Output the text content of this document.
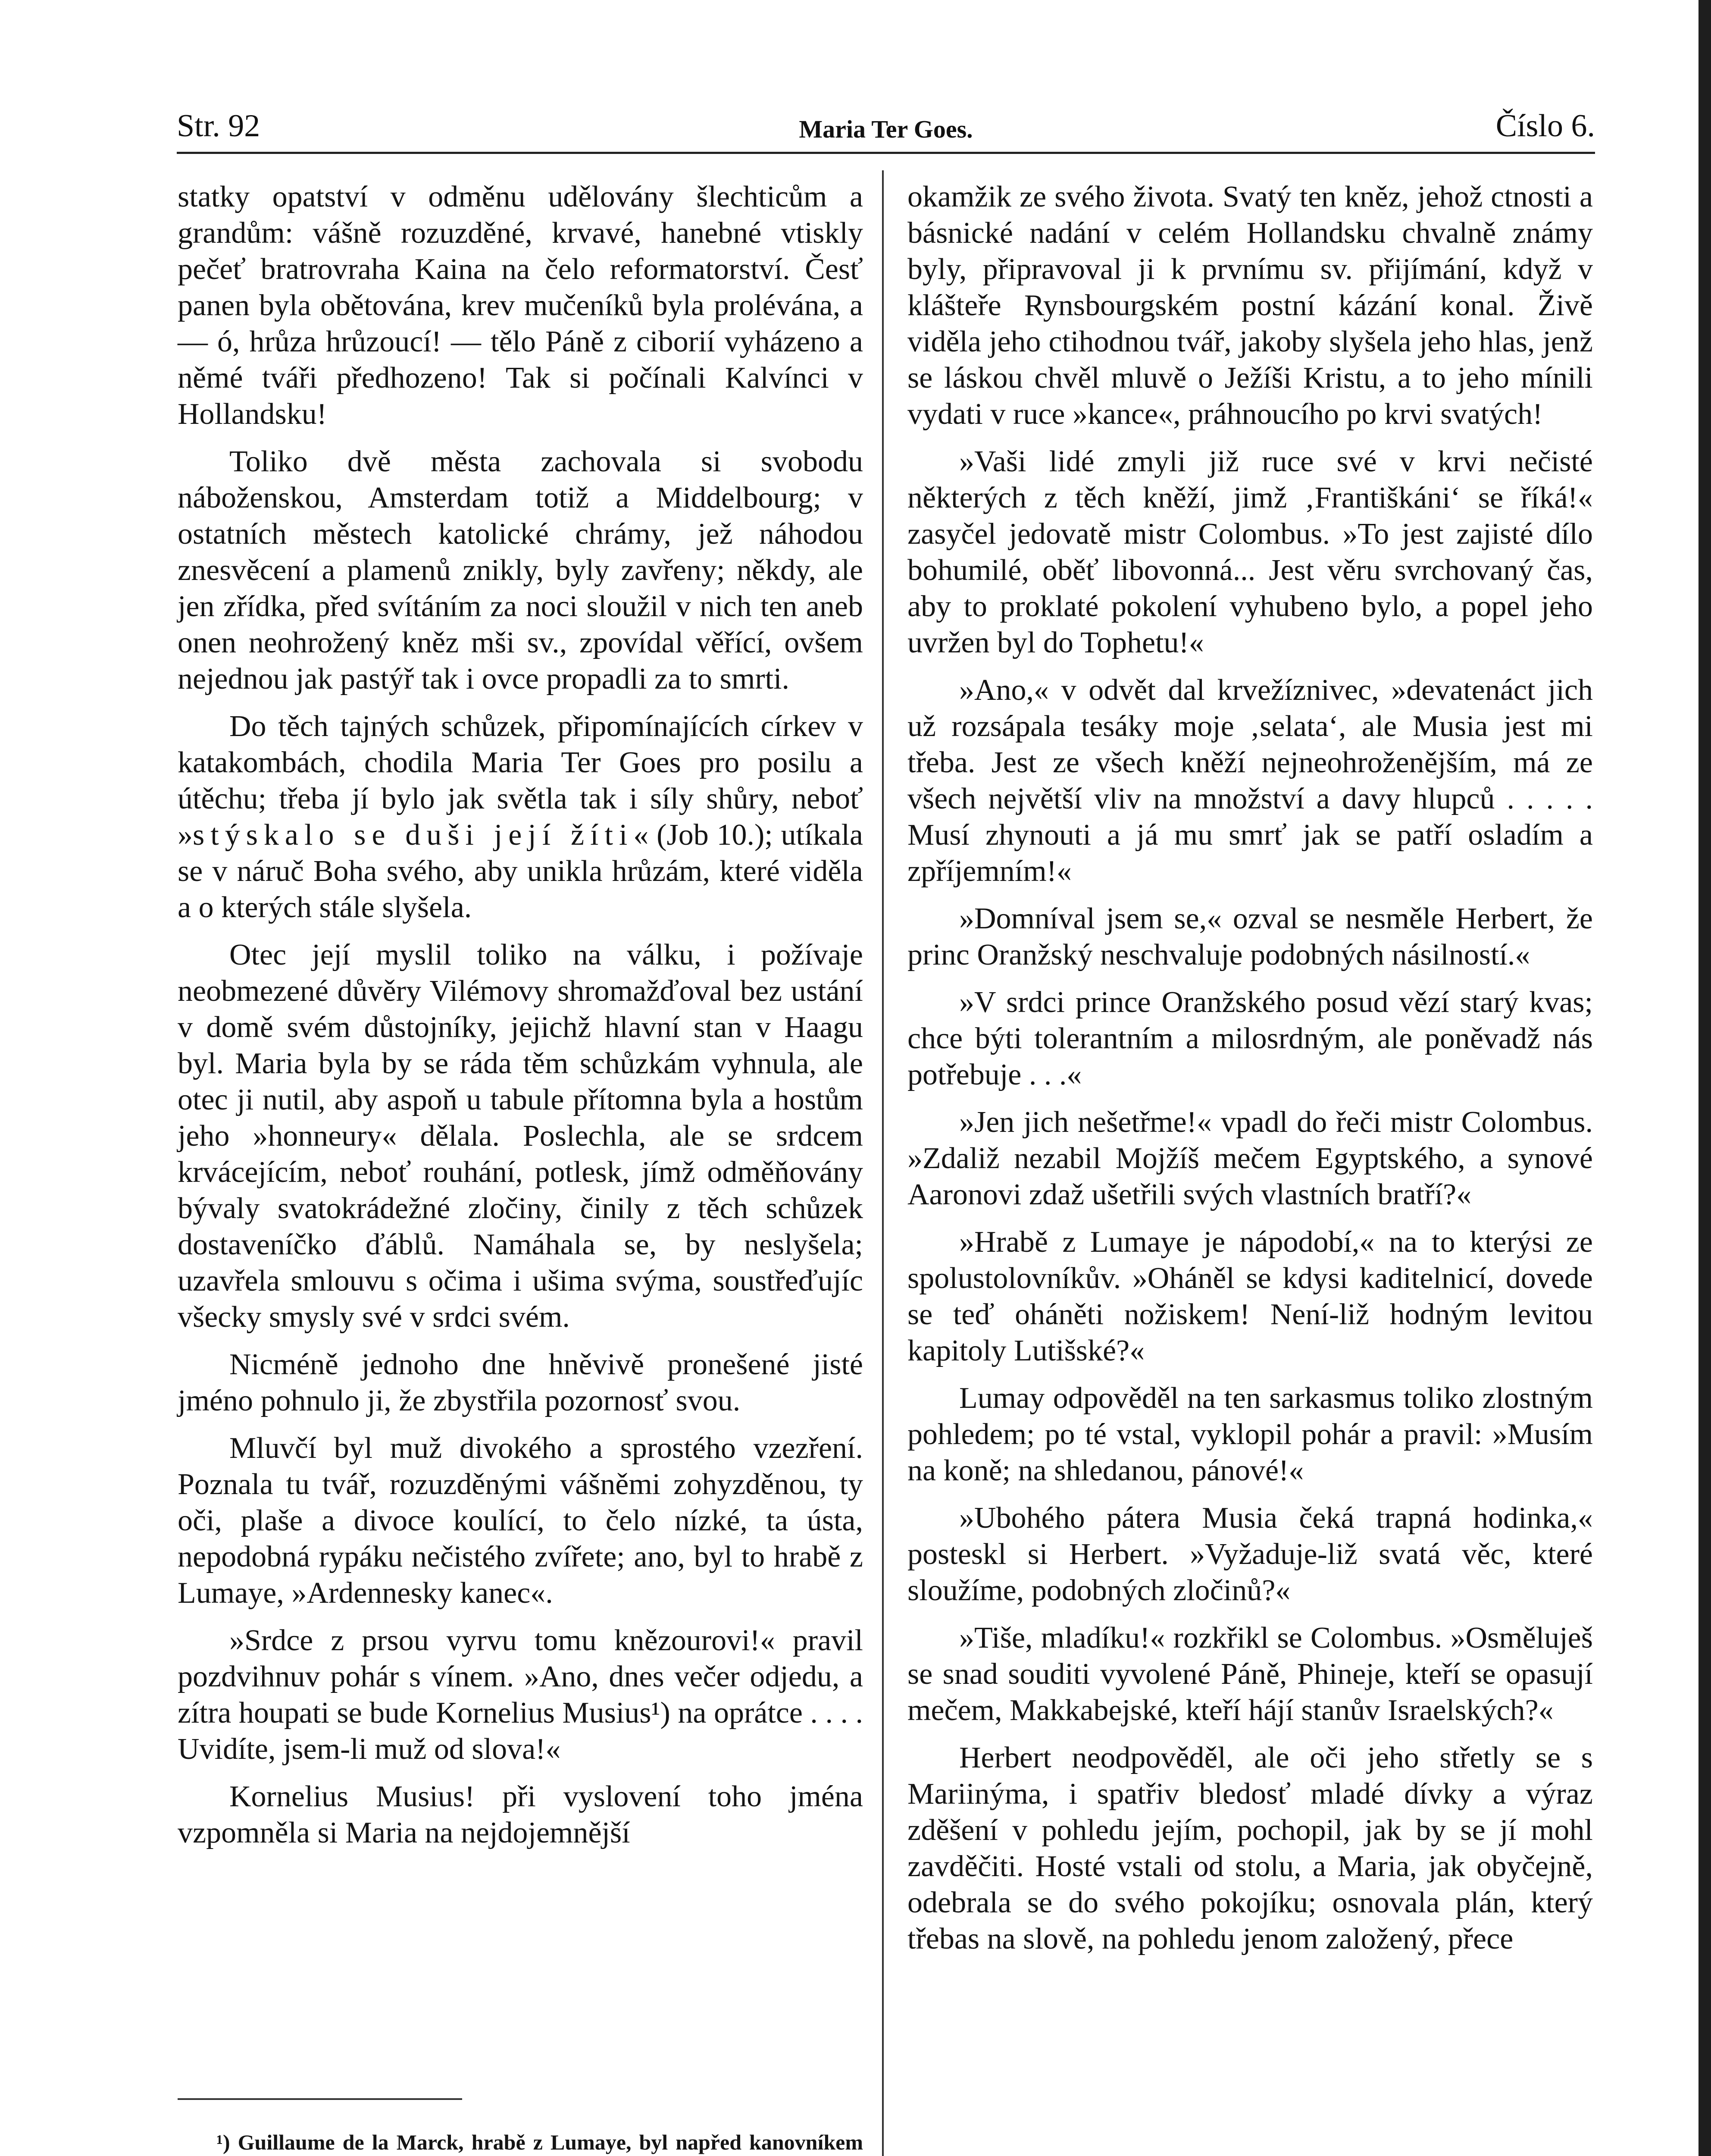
Str. 92	Maria Ter Goes.	Číslo 6.

statky opatství v odměnu udělovány šlechticům a grandům: vášně rozuzděné, krvavé, hanebné vtiskly pečeť bratrovraha Kaina na čelo reformatorství. Česť panen byla obětována, krev mučeníků byla prolévána, a — ó, hrůza hrůzoucí! — tělo Páně z ciborií vyházeno a němé tváři předhozeno! Tak si počínali Kalvínci v Hollandsku!

Toliko dvě města zachovala si svobodu náboženskou, Amsterdam totiž a Middelbourg; v ostatních městech katolické chrámy, jež náhodou znesvěcení a plamenů znikly, byly zavřeny; někdy, ale jen zřídka, před svítáním za noci sloužil v nich ten aneb onen neohrožený kněz mši sv., zpovídal věřící, ovšem nejednou jak pastýř tak i ovce propadli za to smrti.

Do těch tajných schůzek, připomínajících církev v katakombách, chodila Maria Ter Goes pro posilu a útěchu; třeba jí bylo jak světla tak i síly shůry, neboť »stýskalo se duši její žíti« (Job 10.); utíkala se v náruč Boha svého, aby unikla hrůzám, které viděla a o kterých stále slyšela.

Otec její myslil toliko na válku, i požívaje neobmezené důvěry Vilémovy shromažďoval bez ustání v domě svém důstojníky, jejichž hlavní stan v Haagu byl. Maria byla by se ráda těm schůzkám vyhnula, ale otec ji nutil, aby aspoň u tabule přítomna byla a hostům jeho »honneury« dělala. Poslechla, ale se srdcem krvácejícím, neboť rouhání, potlesk, jímž odměňovány bývaly svatokrádežné zločiny, činily z těch schůzek dostaveníčko ďáblů. Namáhala se, by neslyšela; uzavřela smlouvu s očima i ušima svýma, soustřeďujíc všecky smysly své v srdci svém.

Nicméně jednoho dne hněvivě pronešené jisté jméno pohnulo ji, že zbystřila pozornosť svou.

Mluvčí byl muž divokého a sprostého vzezření. Poznala tu tvář, rozuzděnými vášněmi zohyzděnou, ty oči, plaše a divoce koulící, to čelo nízké, ta ústa, nepodobná rypáku nečistého zvířete; ano, byl to hrabě z Lumaye, »Ardennesky kanec«.

»Srdce z prsou vyrvu tomu knězourovi!« pravil pozdvihnuv pohár s vínem. »Ano, dnes večer odjedu, a zítra houpati se bude Kornelius Musius¹) na oprátce . . . . Uvidíte, jsem-li muž od slova!«

Kornelius Musius! při vyslovení toho jména vzpomněla si Maria na nejdojemnější

¹) Guillaume de la Marck, hrabě z Lumaye, byl napřed kanovníkem

okamžik ze svého života. Svatý ten kněz, jehož ctnosti a básnické nadání v celém Hollandsku chvalně známy byly, připravoval ji k prvnímu sv. přijímání, když v klášteře Rynsbourgském postní kázání konal. Živě viděla jeho ctihodnou tvář, jakoby slyšela jeho hlas, jenž se láskou chvěl mluvě o Ježíši Kristu, a to jeho mínili vydati v ruce »kance«, práhnoucího po krvi svatých!

»Vaši lidé zmyli již ruce své v krvi nečisté některých z těch kněží, jimž ‚Františkáni‘ se říká!« zasyčel jedovatě mistr Colombus. »To jest zajisté dílo bohumilé, oběť libovonná... Jest věru svrchovaný čas, aby to proklaté pokolení vyhubeno bylo, a popel jeho uvržen byl do Tophetu!«

»Ano,« v odvět dal krvežíznivec, »devatenáct jich už rozsápala tesáky moje ‚selata‘, ale Musia jest mi třeba. Jest ze všech kněží nejneohroženějším, má ze všech největší vliv na množství a davy hlupců . . . . . Musí zhynouti a já mu smrť jak se patří osladím a zpříjemním!«

»Domníval jsem se,« ozval se nesměle Herbert, že princ Oranžský neschvaluje podobných násilností.«

»V srdci prince Oranžského posud vězí starý kvas; chce býti tolerantním a milosrdným, ale poněvadž nás potřebuje . . .«

»Jen jich nešetřme!« vpadl do řeči mistr Colombus. »Zdaliž nezabil Mojžíš mečem Egyptského, a synové Aaronovi zdaž ušetřili svých vlastních bratří?«

»Hrabě z Lumaye je nápodobí,« na to kterýsi ze spolustolovníkův. »Oháněl se kdysi kaditelnicí, dovede se teď oháněti nožiskem! Není-liž hodným levitou kapitoly Lutišské?«

Lumay odpověděl na ten sarkasmus toliko zlostným pohledem; po té vstal, vyklopil pohár a pravil: »Musím na koně; na shledanou, pánové!«

»Ubohého pátera Musia čeká trapná hodinka,« posteskl si Herbert. »Vyžaduje-liž svatá věc, které sloužíme, podobných zločinů?«

»Tiše, mladíku!« rozkřikl se Colombus. »Osměluješ se snad souditi vyvolené Páně, Phineje, kteří se opasují mečem, Makkabejské, kteří hájí stanův Israelských?«

Herbert neodpověděl, ale oči jeho střetly se s Mariinýma, i spatřiv bledosť mladé dívky a výraz zděšení v pohledu jejím, pochopil, jak by se jí mohl zavděčiti. Hosté vstali od stolu, a Maria, jak obyčejně, odebrala se do svého pokojíku; osnovala plán, který třebas na slově, na pohledu jenom založený, přece
